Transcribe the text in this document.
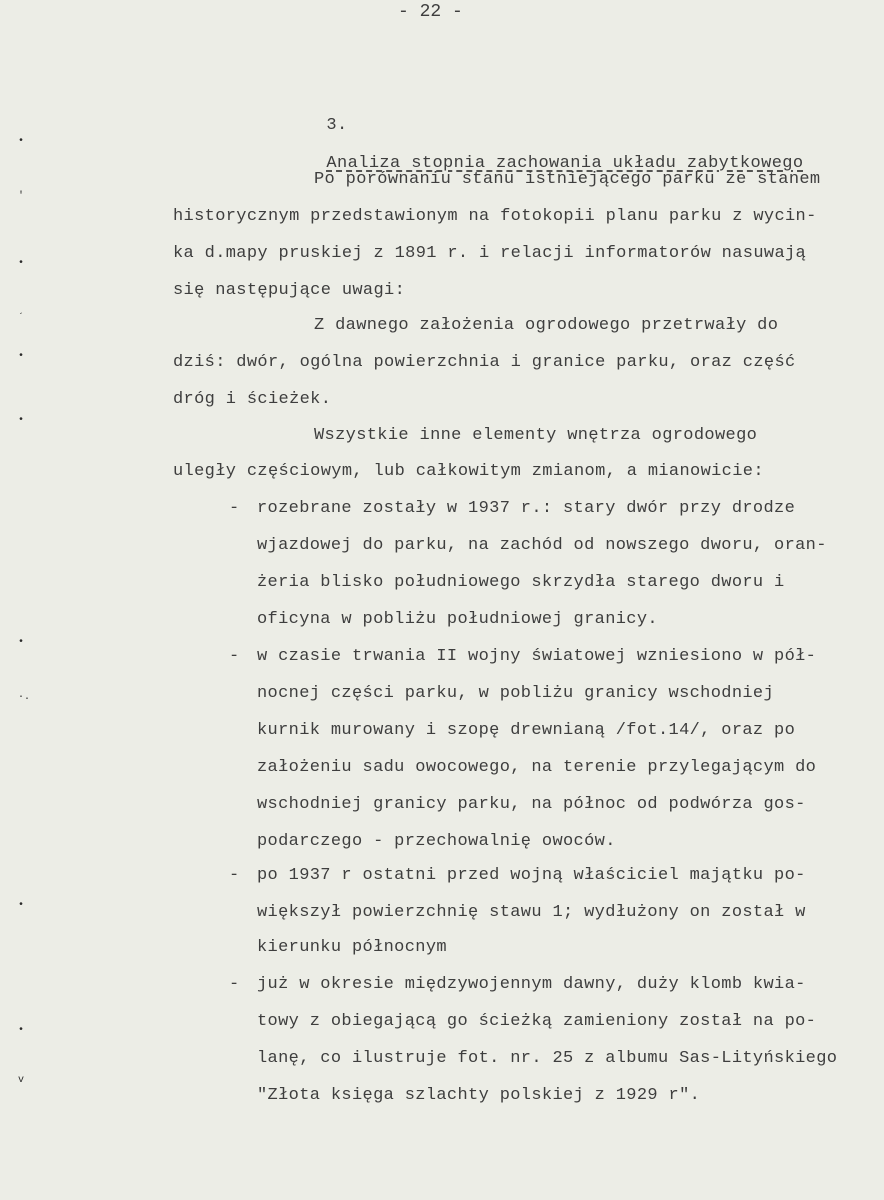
- 22 -

3.

Analiza stopnia zachowania układu zabytkowego

Po porównaniu stanu istniejącego parku ze stanem
historycznym przedstawionym na fotokopii planu parku z wycin-
ka d.mapy pruskiej z 1891 r. i relacji informatorów nasuwają
się następujące uwagi:
Z dawnego założenia ogrodowego przetrwały do
dziś: dwór, ogólna powierzchnia i granice parku, oraz część
dróg i ścieżek.
Wszystkie inne elementy wnętrza ogrodowego
uległy częściowym, lub całkowitym zmianom, a mianowicie:
- rozebrane zostały w 1937 r.: stary dwór przy drodze
wjazdowej do parku, na zachód od nowszego dworu, oran-
żeria blisko południowego skrzydła starego dworu i
oficyna w pobliżu południowej granicy.
- w czasie trwania II wojny światowej wzniesiono w pół-
nocnej części parku, w pobliżu granicy wschodniej
kurnik murowany i szopę drewnianą /fot.14/, oraz po
założeniu sadu owocowego, na terenie przylegającym do
wschodniej granicy parku, na północ od podwórza gos-
podarczego - przechowalnię owoców.
- po 1937 r ostatni przed wojną właściciel majątku po-
większył powierzchnię stawu 1; wydłużony on został w
kierunku północnym
- już w okresie międzywojennym dawny, duży klomb kwia-
towy z obiegającą go ścieżką zamieniony został na po-
lanę, co ilustruje fot. nr. 25 z albumu Sas-Lityńskiego
"Złota księga szlachty polskiej z 1929 r".
•
'
•
´
•
•
•
·.
•
•
v
